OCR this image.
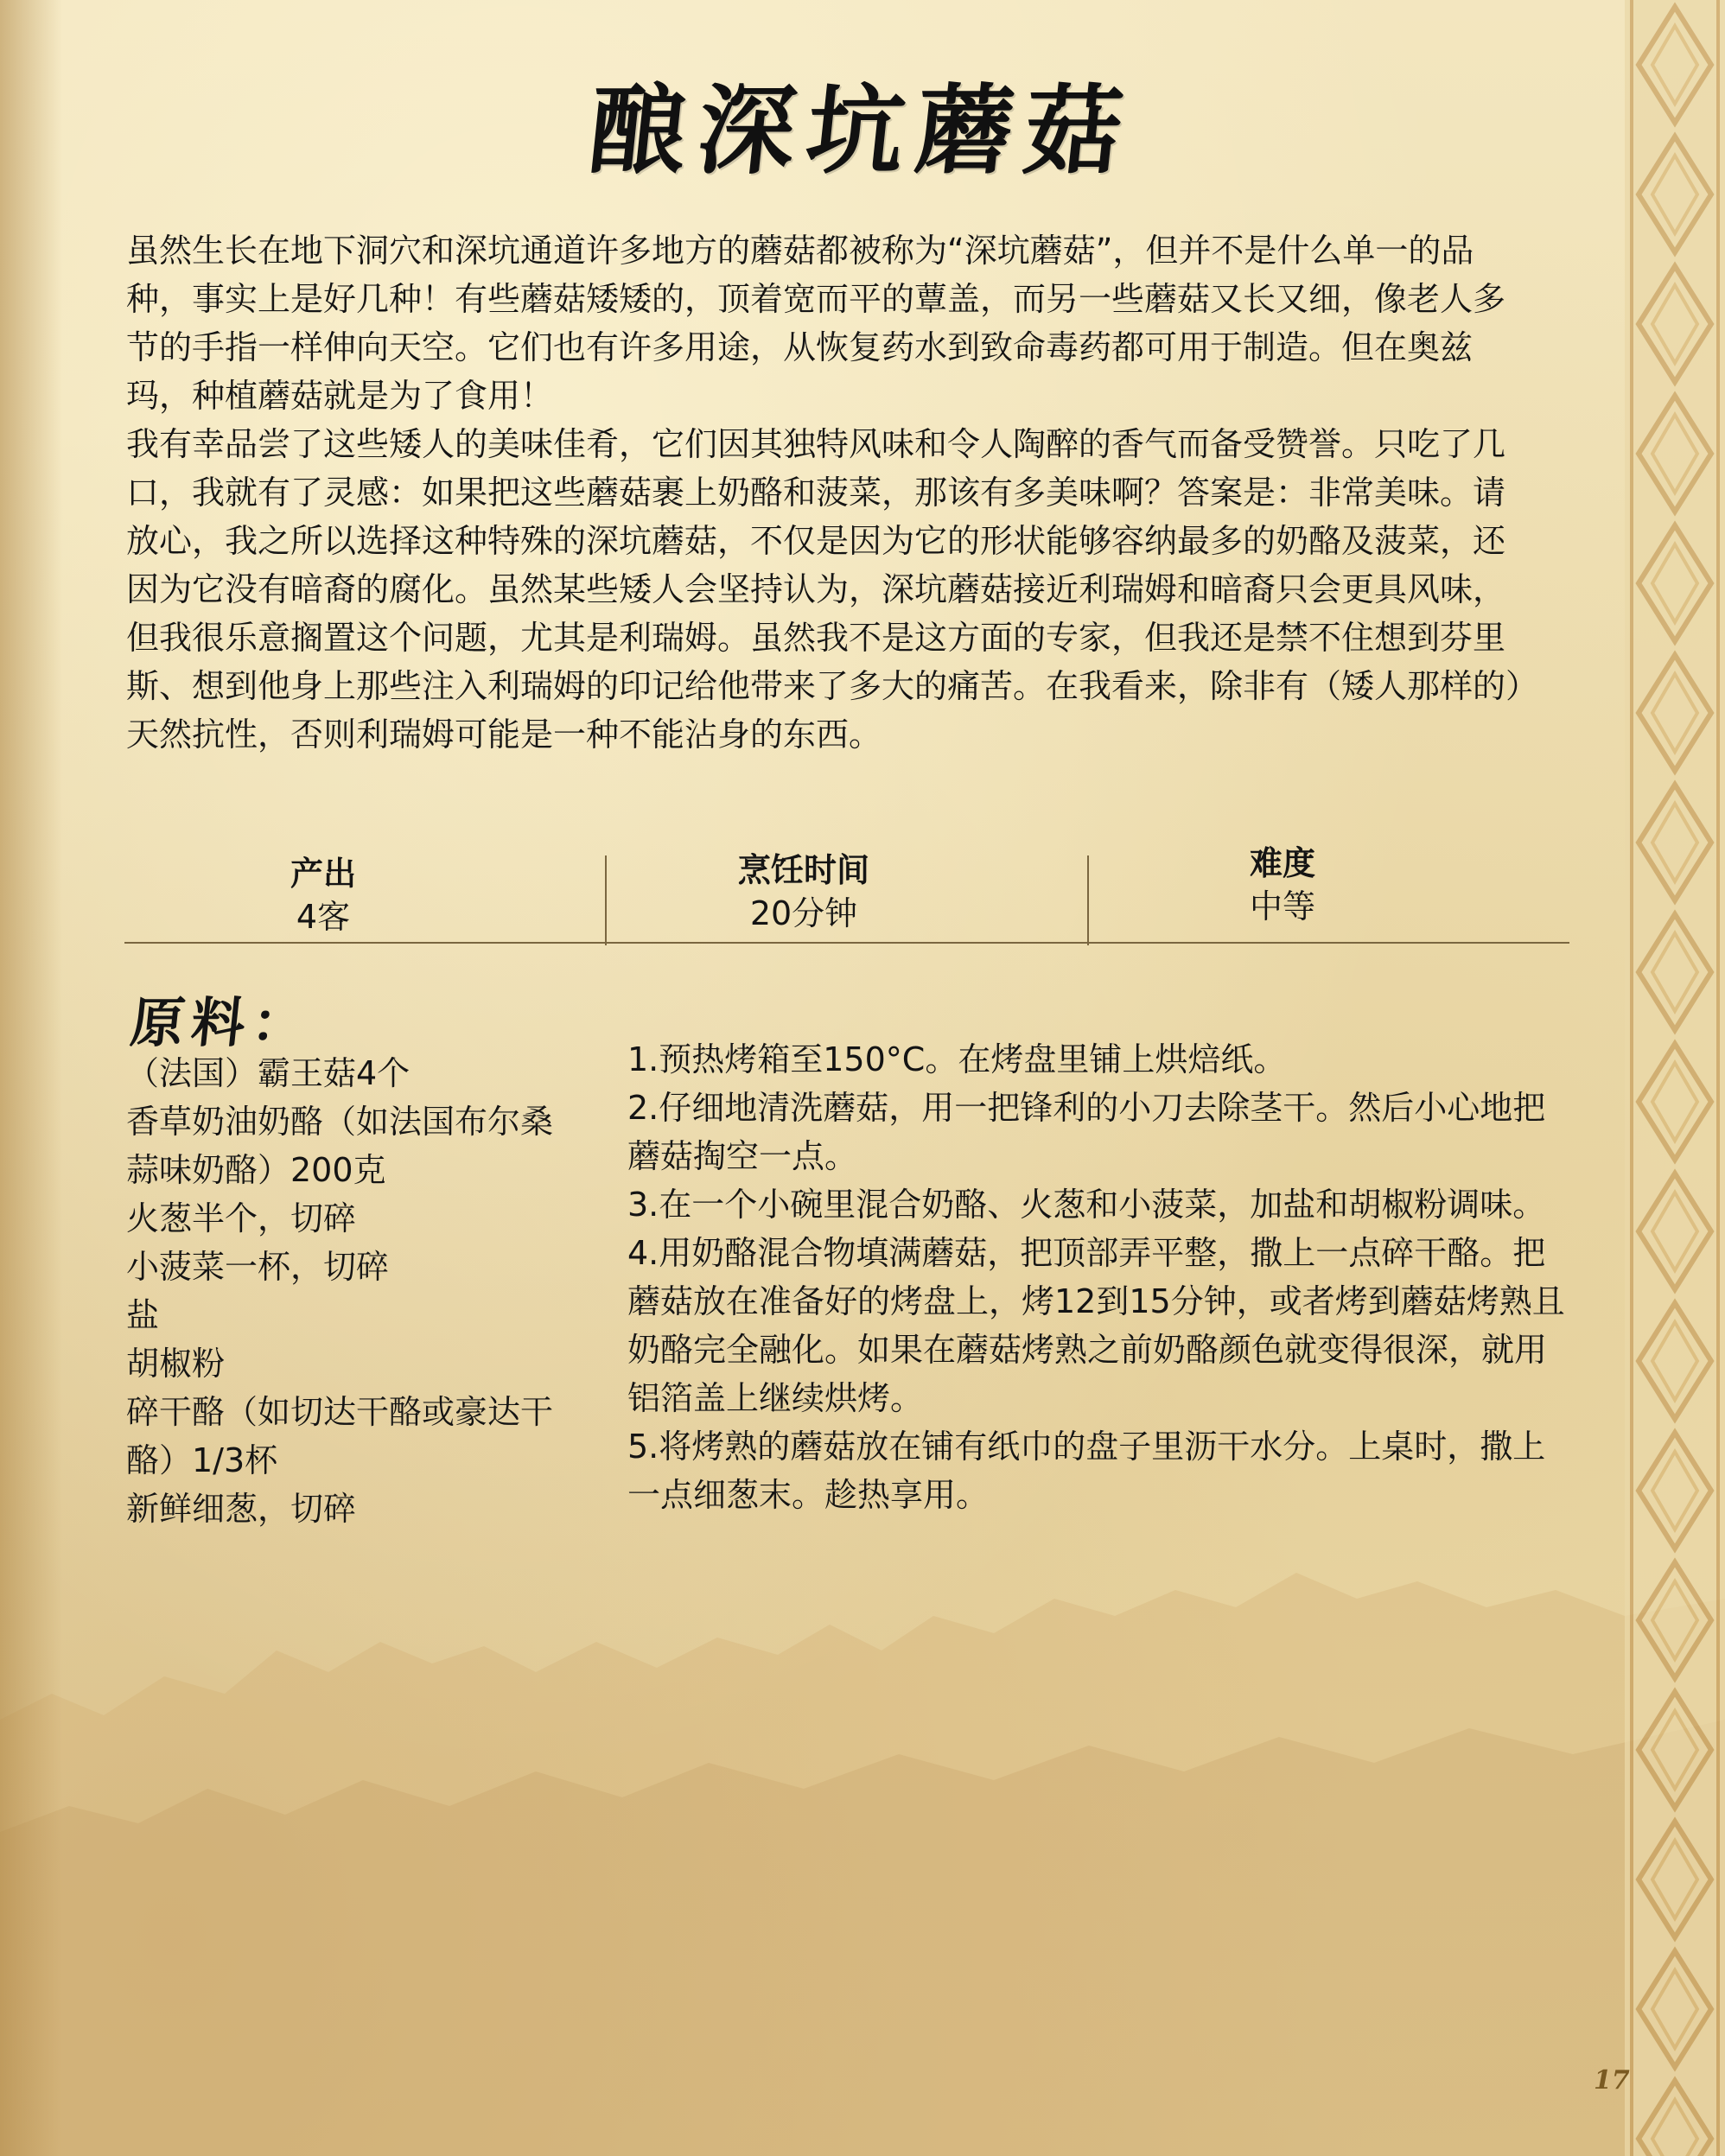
酿深坑蘑菇

虽然生长在地下洞穴和深坑通道许多地方的蘑菇都被称为“深坑蘑菇”，但并不是什么单一的品种，事实上是好几种！有些蘑菇矮矮的，顶着宽而平的蕈盖，而另一些蘑菇又长又细，像老人多节的手指一样伸向天空。它们也有许多用途，从恢复药水到致命毒药都可用于制造。但在奥兹玛，种植蘑菇就是为了食用！

我有幸品尝了这些矮人的美味佳肴，它们因其独特风味和令人陶醉的香气而备受赞誉。只吃了几口，我就有了灵感：如果把这些蘑菇裹上奶酪和菠菜，那该有多美味啊？答案是：非常美味。请放心，我之所以选择这种特殊的深坑蘑菇，不仅是因为它的形状能够容纳最多的奶酪及菠菜，还因为它没有暗裔的腐化。虽然某些矮人会坚持认为，深坑蘑菇接近利瑞姆和暗裔只会更具风味，但我很乐意搁置这个问题，尤其是利瑞姆。虽然我不是这方面的专家，但我还是禁不住想到芬里斯、想到他身上那些注入利瑞姆的印记给他带来了多大的痛苦。在我看来，除非有（矮人那样的）天然抗性，否则利瑞姆可能是一种不能沾身的东西。

产出
4客
烹饪时间
20分钟
难度
中等
原料：
（法国）霸王菇4个
香草奶油奶酪（如法国布尔桑蒜味奶酪）200克
火葱半个，切碎
小菠菜一杯，切碎
盐
胡椒粉
碎干酪（如切达干酪或豪达干酪）1/3杯
新鲜细葱，切碎
1.预热烤箱至150°C。在烤盘里铺上烘焙纸。
2.仔细地清洗蘑菇，用一把锋利的小刀去除茎干。然后小心地把蘑菇掏空一点。
3.在一个小碗里混合奶酪、火葱和小菠菜，加盐和胡椒粉调味。
4.用奶酪混合物填满蘑菇，把顶部弄平整，撒上一点碎干酪。把蘑菇放在准备好的烤盘上，烤12到15分钟，或者烤到蘑菇烤熟且奶酪完全融化。如果在蘑菇烤熟之前奶酪颜色就变得很深，就用铝箔盖上继续烘烤。
5.将烤熟的蘑菇放在铺有纸巾的盘子里沥干水分。上桌时，撒上一点细葱末。趁热享用。
17
